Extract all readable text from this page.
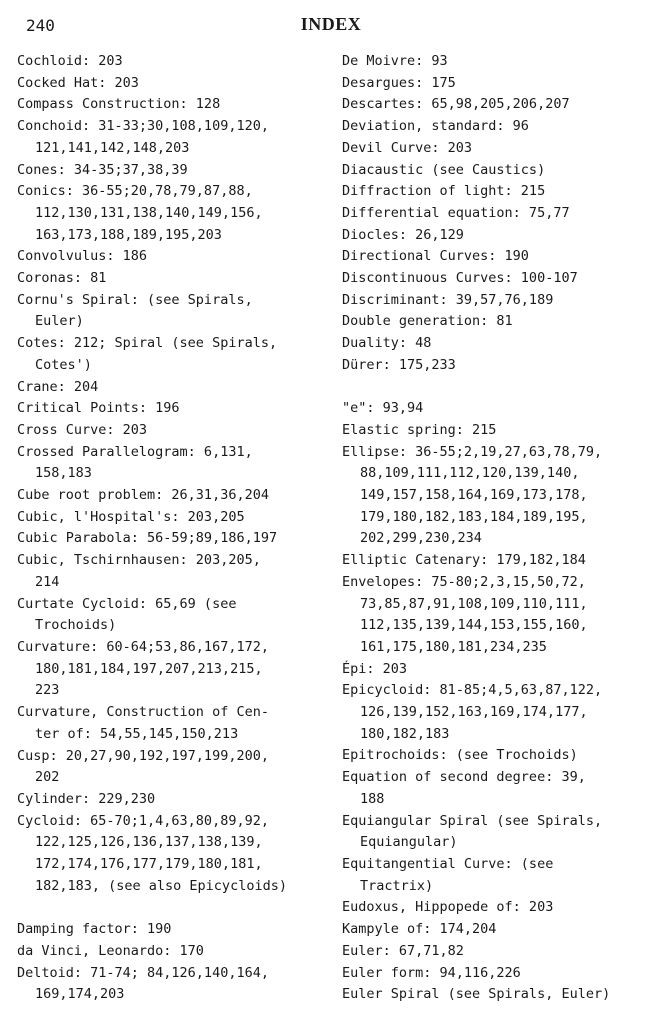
240	INDEX
Cochloid: 203
Cocked Hat: 203
Compass Construction: 128
Conchoid: 31-33;30,108,109,120,
121,141,142,148,203
Cones: 34-35;37,38,39
Conics: 36-55;20,78,79,87,88,
112,130,131,138,140,149,156,
163,173,188,189,195,203
Convolvulus: 186
Coronas: 81
Cornu's Spiral: (see Spirals,
Euler)
Cotes: 212; Spiral (see Spirals,
Cotes')
Crane: 204
Critical Points: 196
Cross Curve: 203
Crossed Parallelogram: 6,131,
158,183
Cube root problem: 26,31,36,204
Cubic, l'Hospital's: 203,205
Cubic Parabola: 56-59;89,186,197
Cubic, Tschirnhausen: 203,205,
214
Curtate Cycloid: 65,69 (see
Trochoids)
Curvature: 60-64;53,86,167,172,
180,181,184,197,207,213,215,
223
Curvature, Construction of Cen-
ter of: 54,55,145,150,213
Cusp: 20,27,90,192,197,199,200,
202
Cylinder: 229,230
Cycloid: 65-70;1,4,63,80,89,92,
122,125,126,136,137,138,139,
172,174,176,177,179,180,181,
182,183, (see also Epicycloids)
Damping factor: 190
da Vinci, Leonardo: 170
Deltoid: 71-74; 84,126,140,164,
169,174,203
De Moivre: 93
Desargues: 175
Descartes: 65,98,205,206,207
Deviation, standard: 96
Devil Curve: 203
Diacaustic (see Caustics)
Diffraction of light: 215
Differential equation: 75,77
Diocles: 26,129
Directional Curves: 190
Discontinuous Curves: 100-107
Discriminant: 39,57,76,189
Double generation: 81
Duality: 48
Dürer: 175,233
"e": 93,94
Elastic spring: 215
Ellipse: 36-55;2,19,27,63,78,79,
88,109,111,112,120,139,140,
149,157,158,164,169,173,178,
179,180,182,183,184,189,195,
202,299,230,234
Elliptic Catenary: 179,182,184
Envelopes: 75-80;2,3,15,50,72,
73,85,87,91,108,109,110,111,
112,135,139,144,153,155,160,
161,175,180,181,234,235
Épi: 203
Epicycloid: 81-85;4,5,63,87,122,
126,139,152,163,169,174,177,
180,182,183
Epitrochoids: (see Trochoids)
Equation of second degree: 39,
188
Equiangular Spiral (see Spirals,
Equiangular)
Equitangential Curve: (see
Tractrix)
Eudoxus, Hippopede of: 203
Kampyle of: 174,204
Euler: 67,71,82
Euler form: 94,116,226
Euler Spiral (see Spirals, Euler)
